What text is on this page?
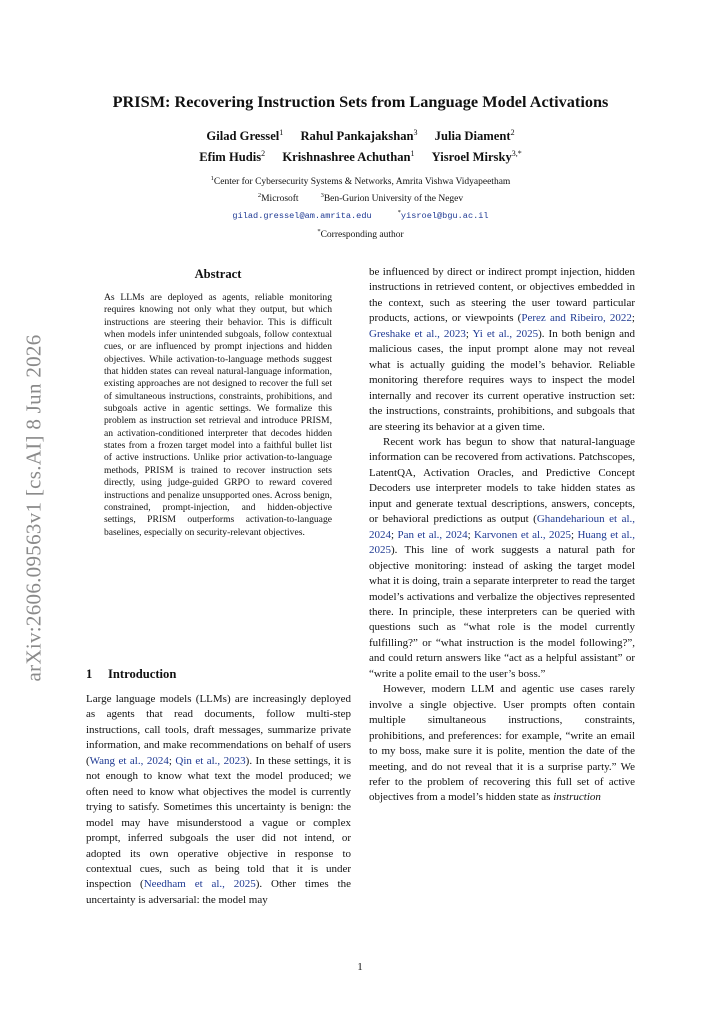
arXiv:2606.09563v1 [cs.AI] 8 Jun 2026
PRISM: Recovering Instruction Sets from Language Model Activations
Gilad Gressel$^1$ Rahul Pankajakshan$^3$ Julia Diament$^2$
Efim Hudis$^2$ Krishnashree Achuthan$^1$ Yisroel Mirsky$^{3,*}$
$^1$Center for Cybersecurity Systems & Networks, Amrita Vishwa Vidyapeetham
$^2$Microsoft	$^3$Ben-Gurion University of the Negev
gilad.gressel@am.amrita.edu	*yisroel@bgu.ac.il
*Corresponding author
Abstract

As LLMs are deployed as agents, reliable monitoring requires knowing not only what they output, but which instructions are steering their behavior. This is difficult when models infer unintended subgoals, follow contextual cues, or are influenced by prompt injections and hidden objectives. While activation-to-language methods suggest that hidden states can reveal natural-language information, existing approaches are not designed to recover the full set of simultaneous instructions, constraints, prohibitions, and subgoals active in agentic settings. We formalize this problem as instruction set retrieval and introduce PRISM, an activation-conditioned interpreter that decodes hidden states from a frozen target model into a faithful bullet list of active instructions. Unlike prior activation-to-language methods, PRISM is trained to recover instruction sets directly, using judge-guided GRPO to reward covered instructions and penalize unsupported ones. Across benign, constrained, prompt-injection, and hidden-objective settings, PRISM outperforms activation-to-language baselines, especially on security-relevant objectives.

1 Introduction

Large language models (LLMs) are increasingly deployed as agents that read documents, follow multi-step instructions, call tools, draft messages, summarize private information, and make recommendations on behalf of users (Wang et al., 2024; Qin et al., 2023). In these settings, it is not enough to know what text the model produced; we often need to know what objectives the model is currently trying to satisfy. Sometimes this uncertainty is benign: the model may have misunderstood a vague or complex prompt, inferred subgoals the user did not intend, or adopted its own operative objective in response to contextual cues, such as being told that it is under inspection (Needham et al., 2025). Other times the uncertainty is adversarial: the model may

be influenced by direct or indirect prompt injection, hidden instructions in retrieved content, or objectives embedded in the context, such as steering the user toward particular products, actions, or viewpoints (Perez and Ribeiro, 2022; Greshake et al., 2023; Yi et al., 2025). In both benign and malicious cases, the input prompt alone may not reveal what is actually guiding the model’s behavior. Reliable monitoring therefore requires ways to inspect the model internally and recover its current operative instruction set: the instructions, constraints, prohibitions, and subgoals that are steering its behavior at a given time.

Recent work has begun to show that natural-language information can be recovered from activations. Patchscopes, LatentQA, Activation Oracles, and Predictive Concept Decoders use interpreter models to take hidden states as input and generate textual descriptions, answers, concepts, or behavioral predictions as output (Ghandeharioun et al., 2024; Pan et al., 2024; Karvonen et al., 2025; Huang et al., 2025). This line of work suggests a natural path for objective monitoring: instead of asking the target model what it is doing, train a separate interpreter to read the target model’s activations and verbalize the objectives represented there. In principle, these interpreters can be queried with questions such as “what role is the model currently fulfilling?” or “what instruction is the model following?”, and could return answers like “act as a helpful assistant” or “write a polite email to the user’s boss.”

However, modern LLM and agentic use cases rarely involve a single objective. User prompts often contain multiple simultaneous instructions, constraints, prohibitions, and preferences: for example, “write an email to my boss, make sure it is polite, mention the date of the meeting, and do not reveal that it is a surprise party.” We refer to the problem of recovering this full set of active objectives from a model’s hidden state as instruction

1
